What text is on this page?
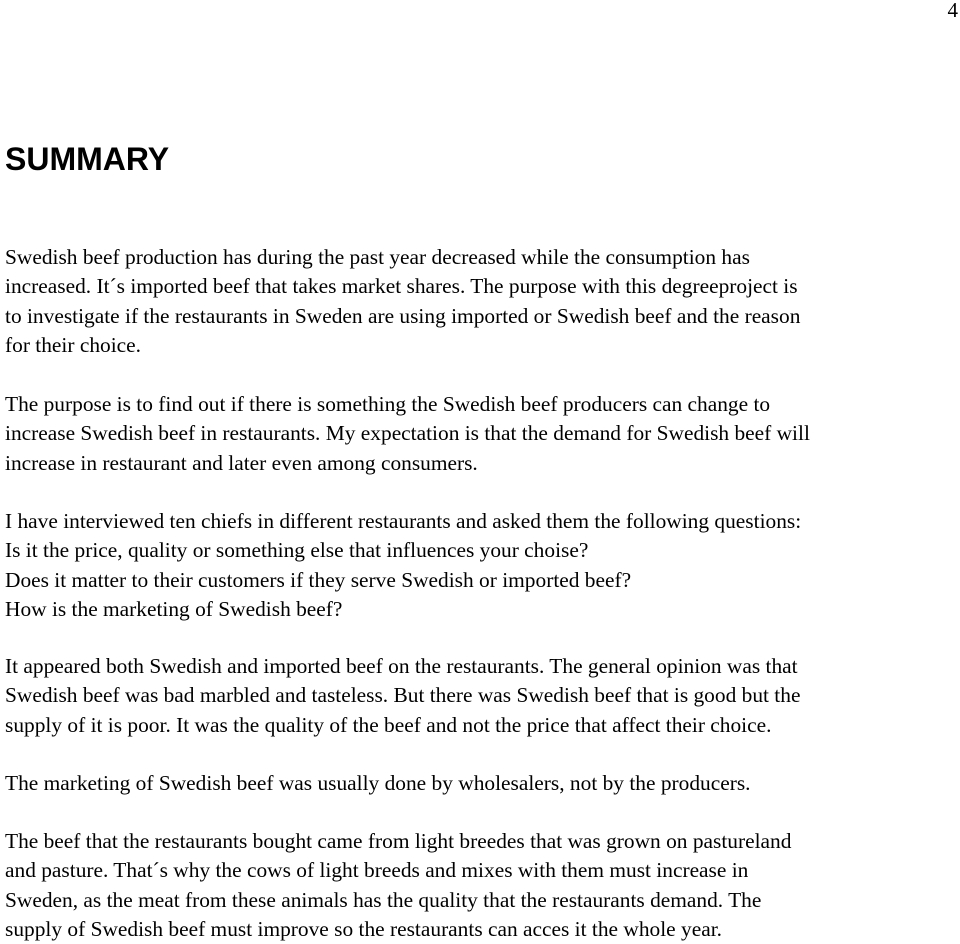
4
SUMMARY

Swedish beef production has during the past year decreased while the consumption has
increased. It´s imported beef that takes market shares. The purpose with this degreeproject is
to investigate if the restaurants in Sweden are using imported or Swedish beef and the reason
for their choice.

The purpose is to find out if there is something the Swedish beef producers can change to
increase Swedish beef in restaurants. My expectation is that the demand for Swedish beef will
increase in restaurant and later even among consumers.

I have interviewed ten chiefs in different restaurants and asked them the following questions:
Is it the price, quality or something else that influences your choise?
Does it matter to their customers if they serve Swedish or imported beef?
How is the marketing of Swedish beef?

It appeared both Swedish and imported beef on the restaurants. The general opinion was that
Swedish beef was bad marbled and tasteless. But there was Swedish beef that is good but the
supply of it is poor. It was the quality of the beef and not the price that affect their choice.

The marketing of Swedish beef was usually done by wholesalers, not by the producers.

The beef that the restaurants bought came from light breedes that was grown on pastureland
and pasture. That´s why the cows of light breeds and mixes with them must increase in
Sweden, as the meat from these animals has the quality that the restaurants demand. The
supply of Swedish beef must improve so the restaurants can acces it the whole year.
